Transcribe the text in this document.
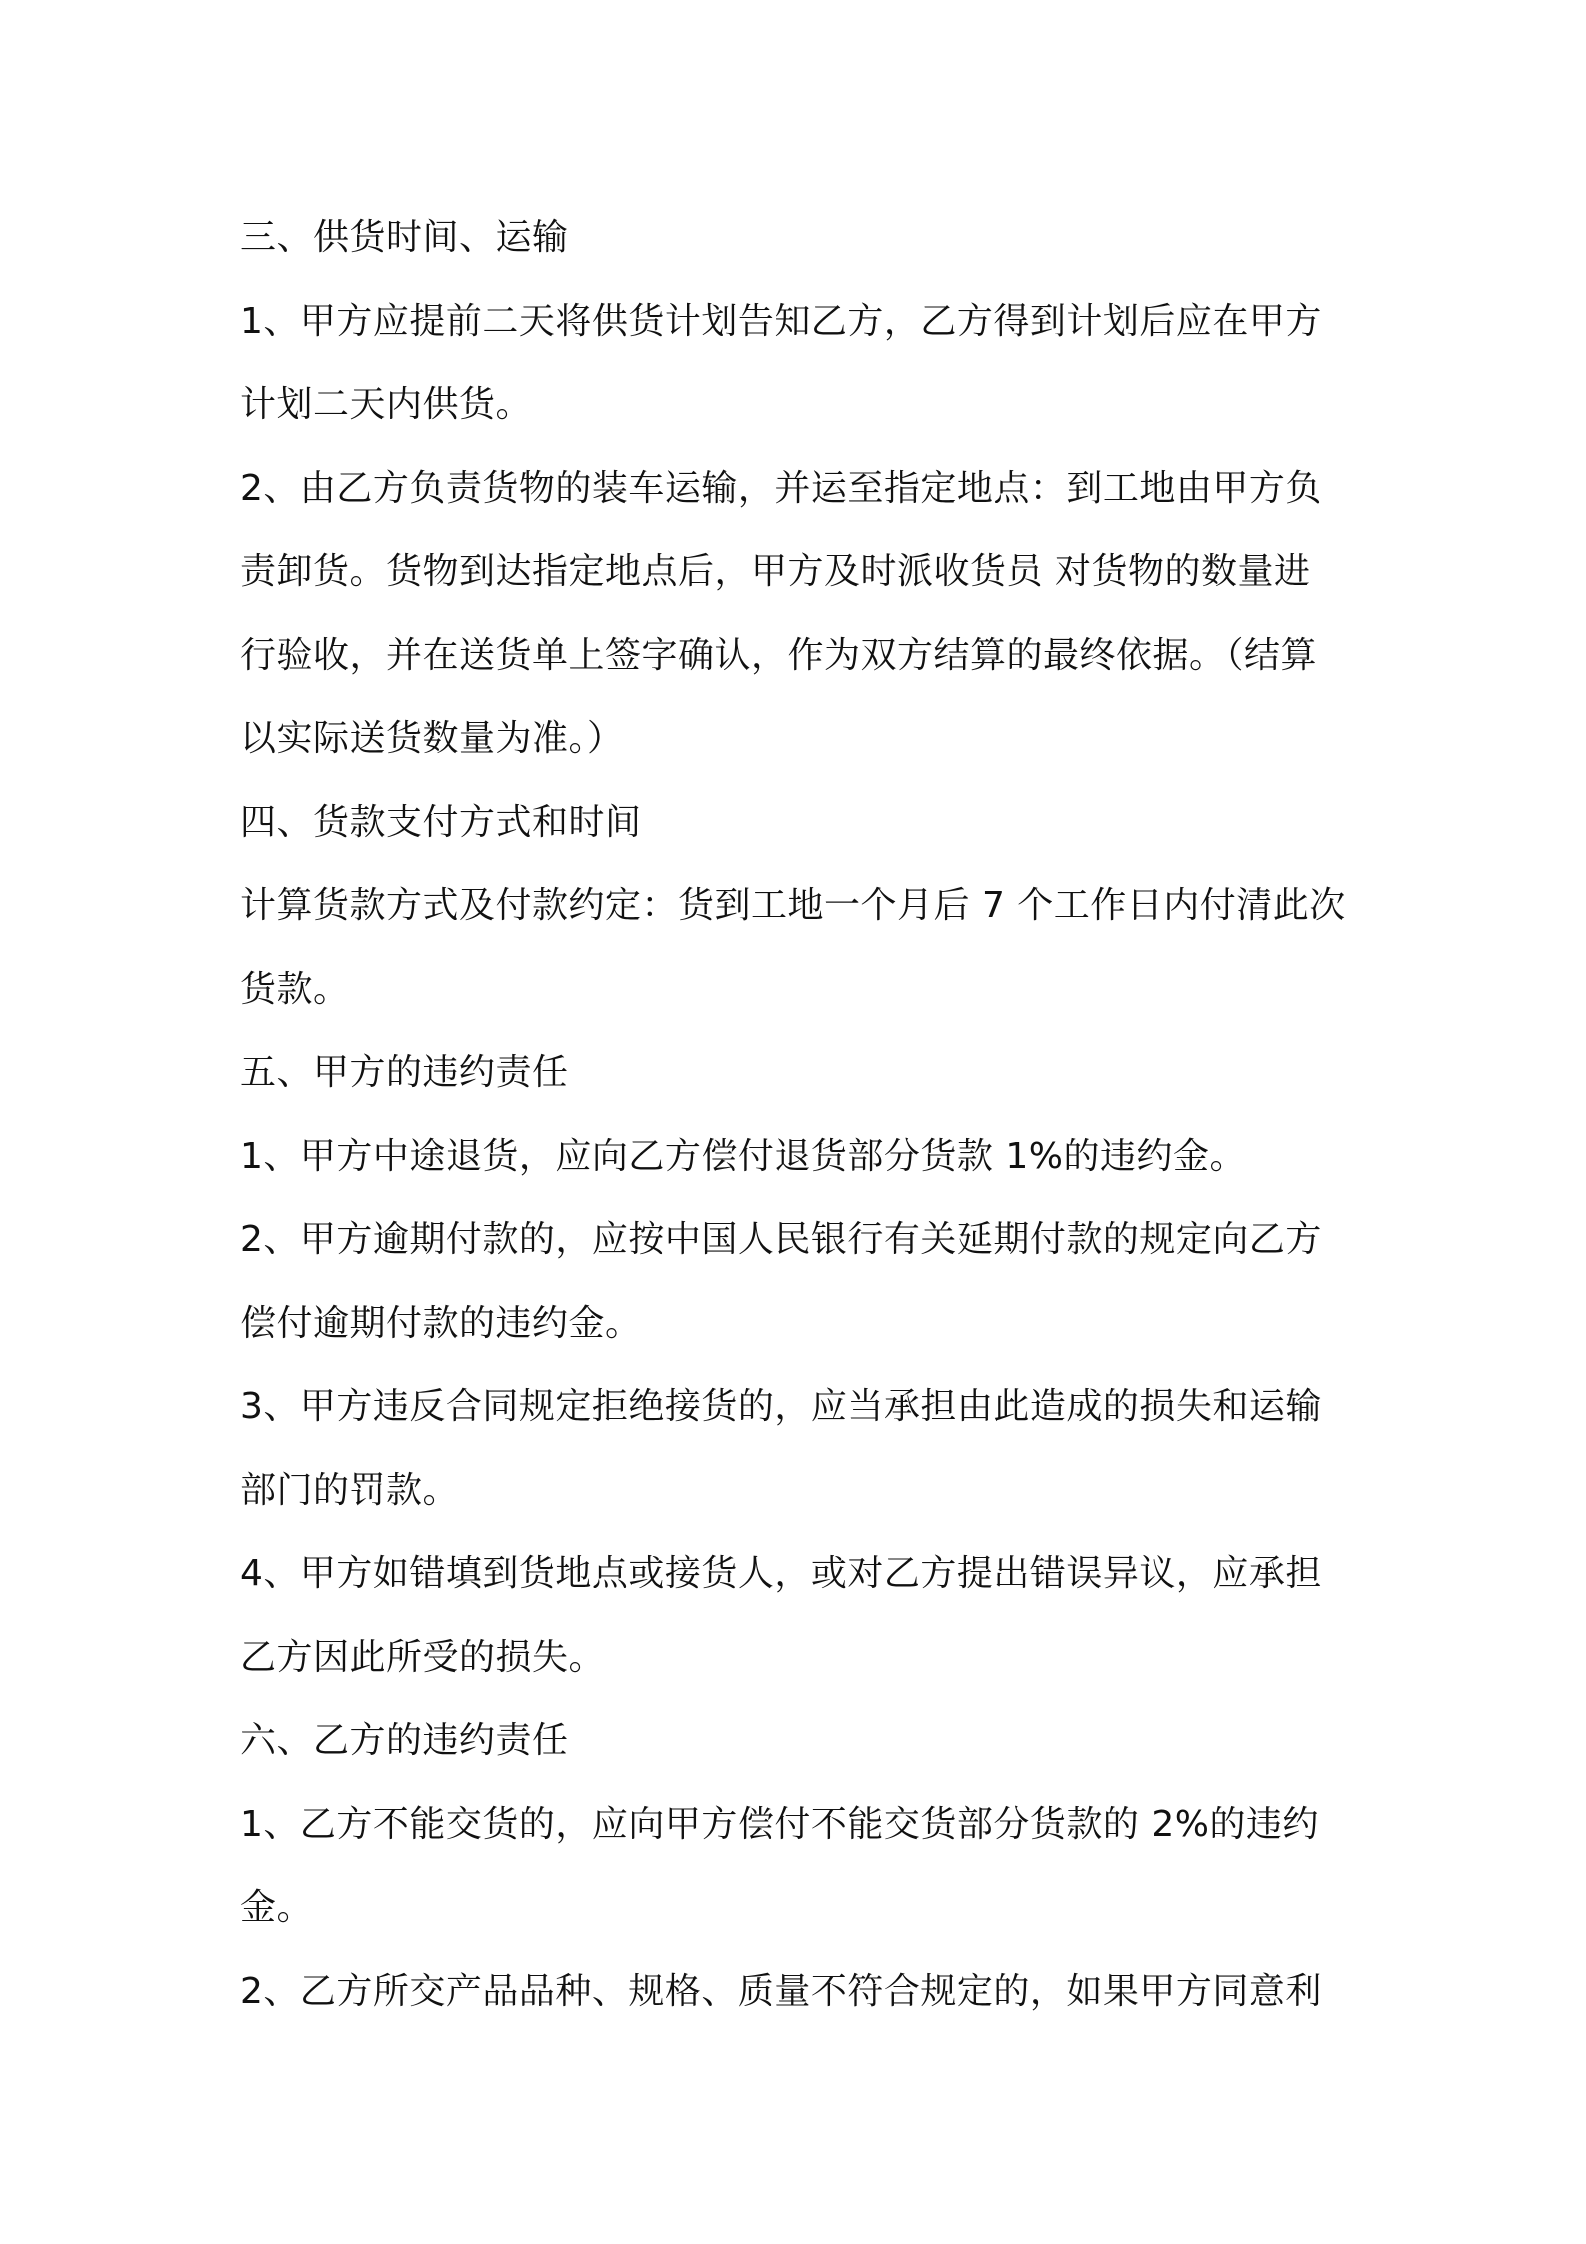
三、供货时间、运输
1、甲方应提前二天将供货计划告知乙方，乙方得到计划后应在甲方
计划二天内供货。
2、由乙方负责货物的装车运输，并运至指定地点：到工地由甲方负
责卸货。货物到达指定地点后，甲方及时派收货员 对货物的数量进
行验收，并在送货单上签字确认，作为双方结算的最终依据。（结算
以实际送货数量为准。）
四、货款支付方式和时间
计算货款方式及付款约定：货到工地一个月后 7 个工作日内付清此次
货款。
五、甲方的违约责任
1、甲方中途退货，应向乙方偿付退货部分货款 1%的违约金。
2、甲方逾期付款的，应按中国人民银行有关延期付款的规定向乙方
偿付逾期付款的违约金。
3、甲方违反合同规定拒绝接货的，应当承担由此造成的损失和运输
部门的罚款。
4、甲方如错填到货地点或接货人，或对乙方提出错误异议，应承担
乙方因此所受的损失。
六、乙方的违约责任
1、乙方不能交货的，应向甲方偿付不能交货部分货款的 2%的违约
金。
2、乙方所交产品品种、规格、质量不符合规定的，如果甲方同意利
